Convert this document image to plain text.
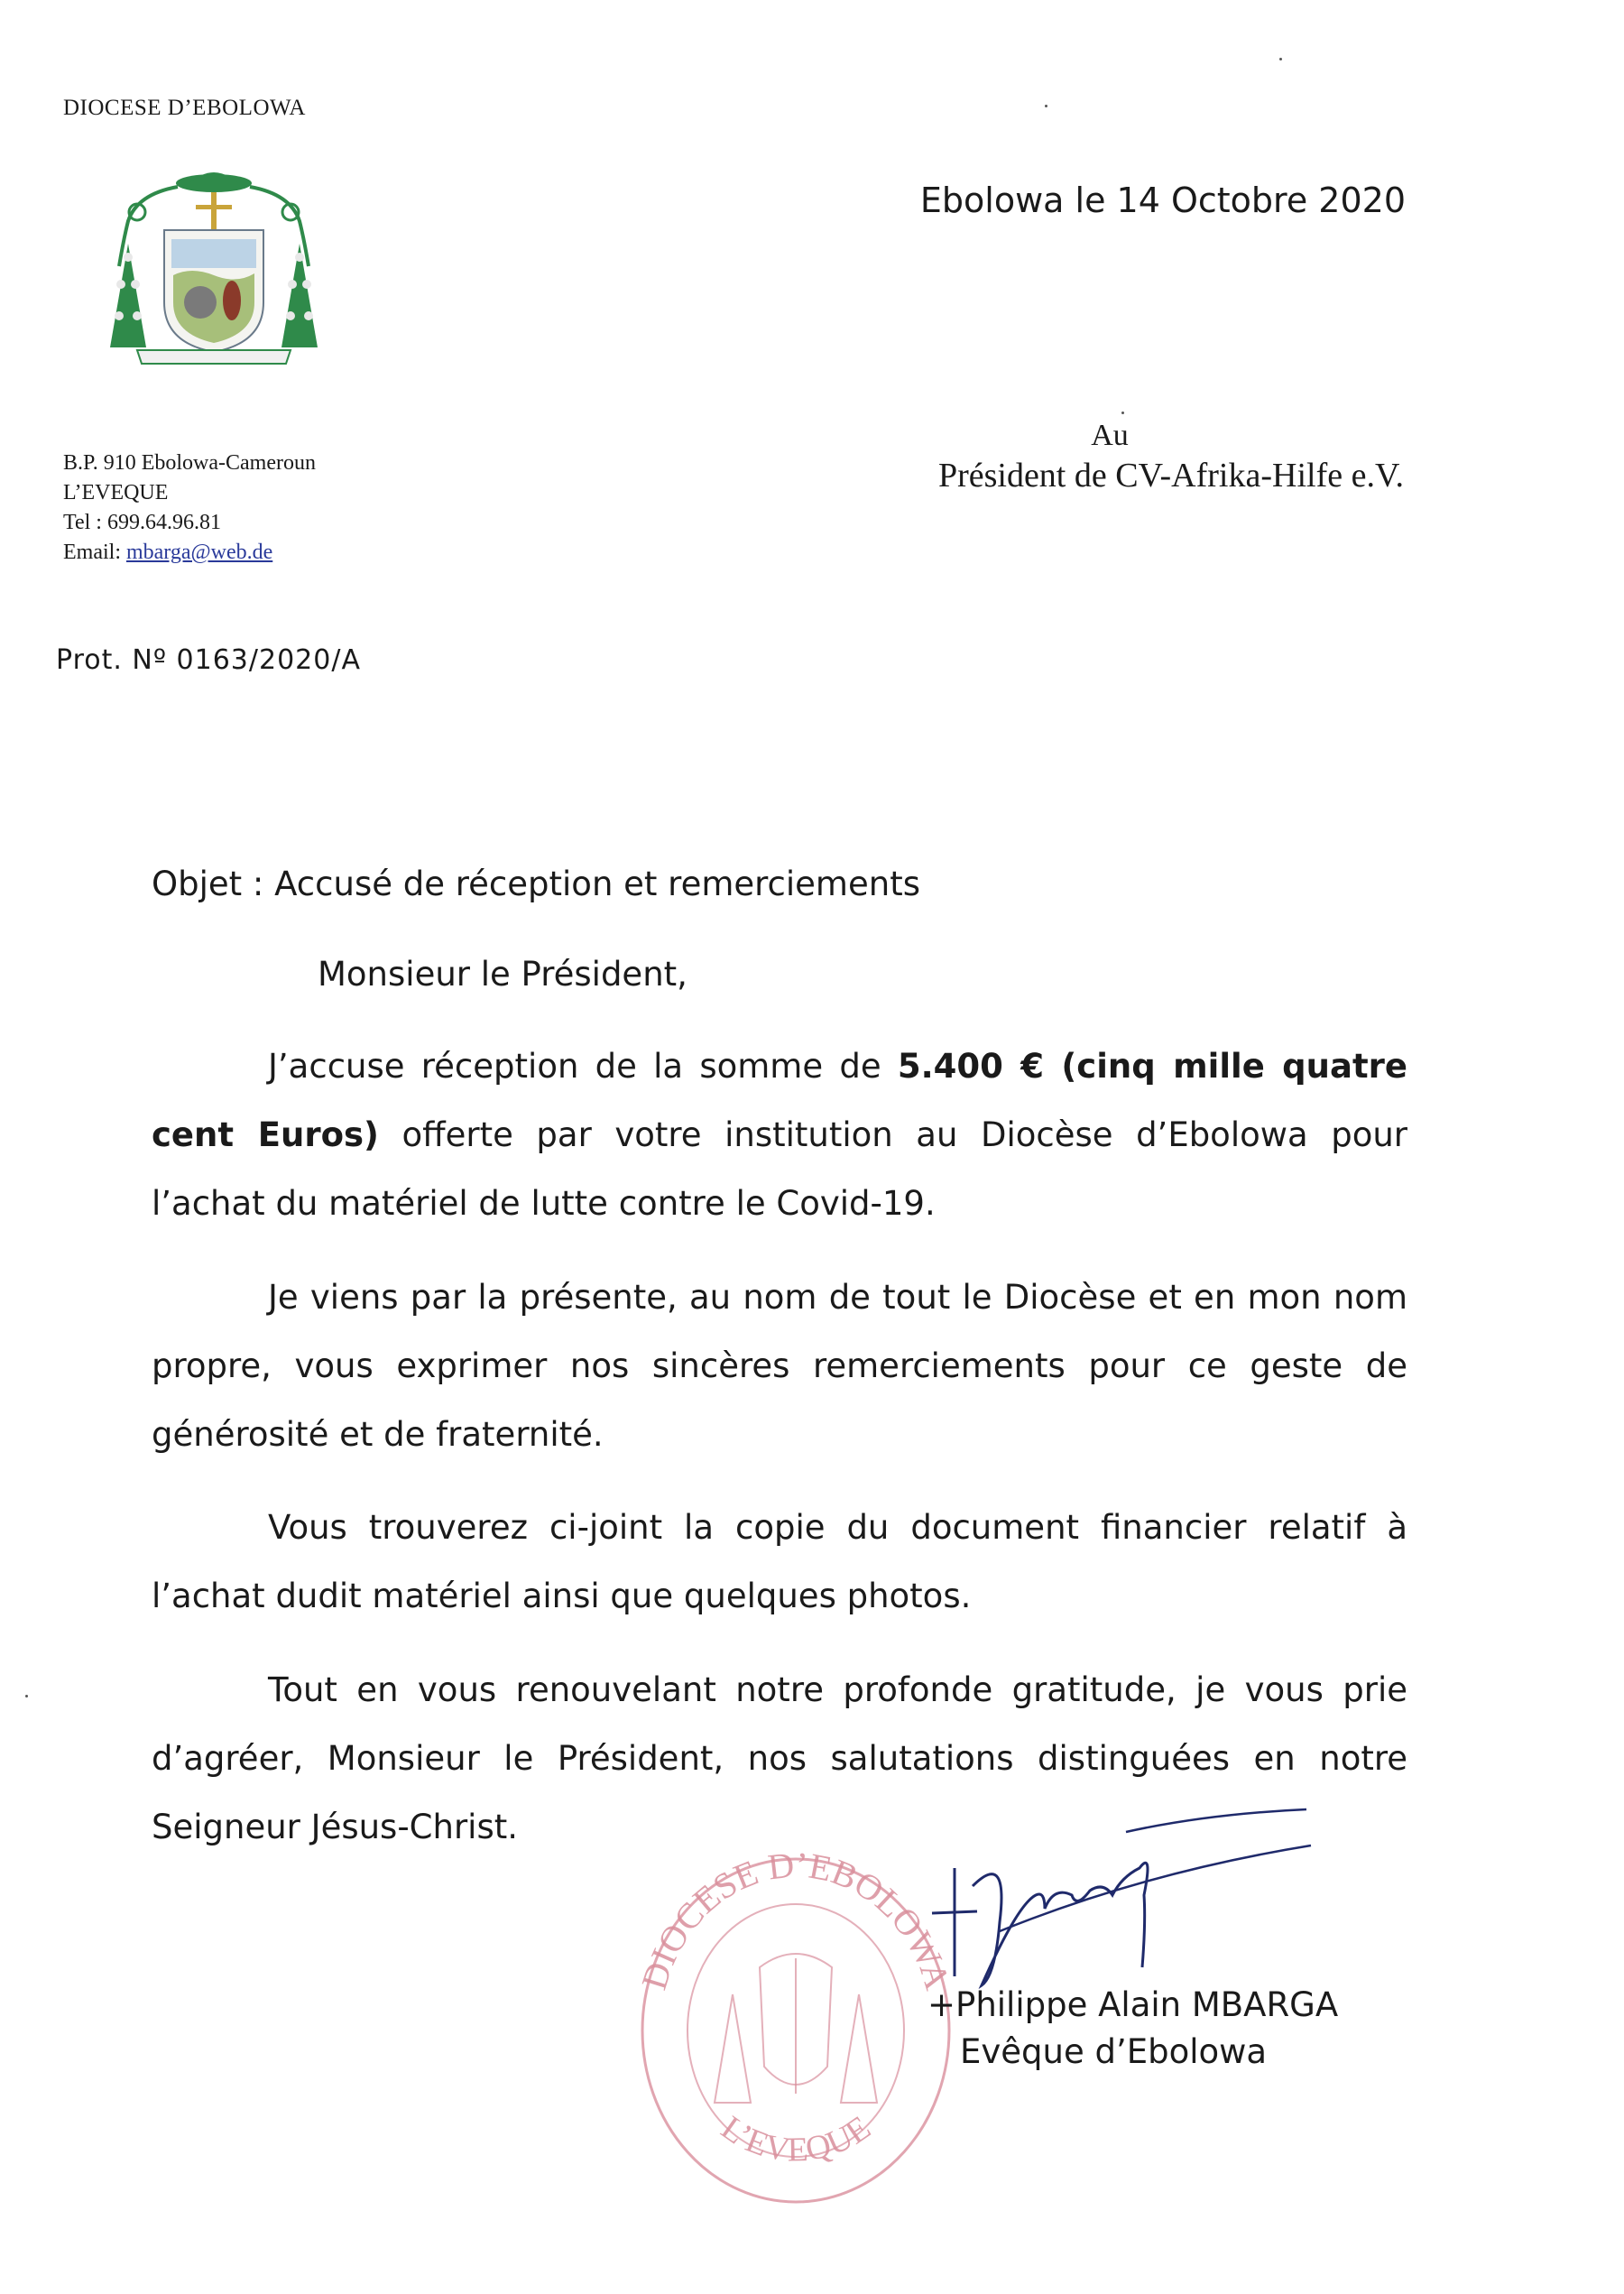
DIOCESE D’EBOLOWA
B.P. 910 Ebolowa-Cameroun
L’EVEQUE
Tel : 699.64.96.81
Email: mbarga@web.de
Ebolowa le 14 Octobre 2020
Au
Président de CV-Afrika-Hilfe e.V.
Prot. Nº 0163/2020/A
Objet : Accusé de réception et remerciements
Monsieur le Président,

J’accuse réception de la somme de 5.400 € (cinq mille quatre cent Euros) offerte par votre institution au Diocèse d’Ebolowa pour l’achat du matériel de lutte contre le Covid-19.

Je viens par la présente, au nom de tout le Diocèse et en mon nom propre, vous exprimer nos sincères remerciements pour ce geste de générosité et de fraternité.

Vous trouverez ci-joint la copie du document financier relatif à l’achat dudit matériel ainsi que quelques photos.

Tout en vous renouvelant notre profonde gratitude, je vous prie d’agréer, Monsieur le Président, nos salutations distinguées en notre Seigneur Jésus-Christ.

DIOCESE D’EBOLOWA
L’EVEQUE
+Philippe Alain MBARGA
Evêque d’Ebolowa
